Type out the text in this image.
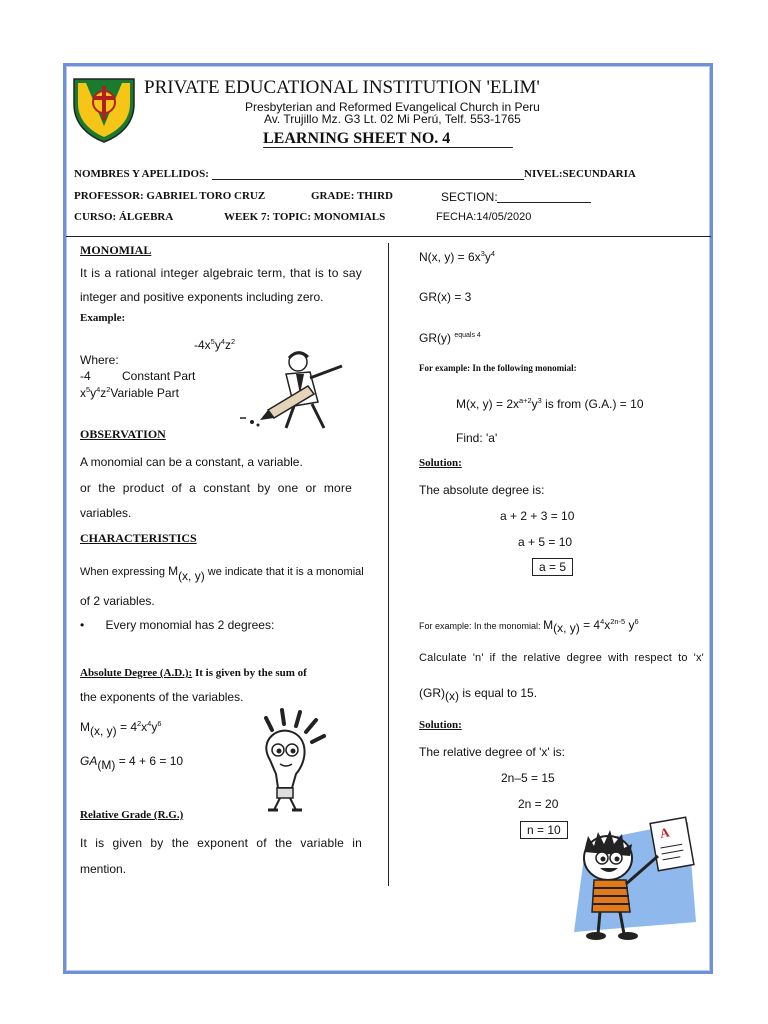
PRIVATE EDUCATIONAL INSTITUTION 'ELIM'
Presbyterian and Reformed Evangelical Church in Peru
Av. Trujillo Mz. G3 Lt. 02 Mi Perú, Telf. 553-1765
LEARNING SHEET NO. 4
NOMBRES Y APELLIDOS:	NIVEL:SECUNDARIA
PROFESSOR: GABRIEL TORO CRUZ	GRADE: THIRD	SECTION:
CURSO: ÁLGEBRA	WEEK 7: TOPIC: MONOMIALS	FECHA:14/05/2020
MONOMIAL
It is a rational integer algebraic term, that is to say
integer and positive exponents including zero.
Example:
$-4x^5y^4z^2$
Where:
-4	Constant Part
$x^5y^4z^2Variable$ Part
OBSERVATION
A monomial can be a constant, a variable.
or the product of a constant by one or more
variables.
CHARACTERISTICS
When expressing M(x, y) we indicate that it is a monomial
of 2 variables.
• Every monomial has 2 degrees:
Absolute Degree (A.D.): It is given by the sum of
the exponents of the variables.
M(x, $y) = 4^2x^4y^6$
GA(M) = 4 + 6 = 10
Relative Grade (R.G.)
It is given by the exponent of the variable in
mention.
N(x, $y) = 6x^3y^4$
GR(x) = 3
GR(y) $^{equals 4}$
For example: In the following monomial:
M(x, $y) = 2x^{a+2}y^3$ is from (G.A.) = 10
Find: 'a'
Solution:
The absolute degree is:
a + 2 + 3 = 10
a + 5 = 10
a = 5
For example: In the monomial: M(x, $y) = 4^4x^{2n-5}$ $y^6$
Calculate 'n' if the relative degree with respect to 'x'
(GR)(x) is equal to 15.
Solution:
The relative degree of 'x' is:
2n–5 = 15
2n = 20
n = 10	A
